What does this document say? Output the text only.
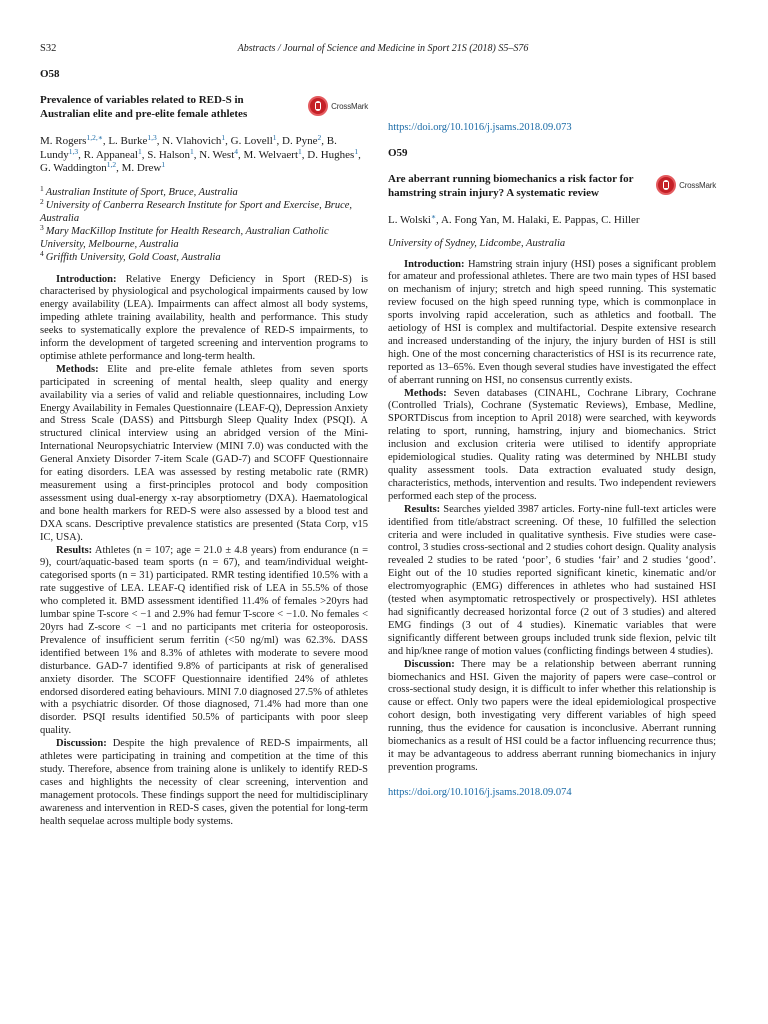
S32	Abstracts / Journal of Science and Medicine in Sport 21S (2018) S5–S76
O58
Prevalence of variables related to RED-S in Australian elite and pre-elite female athletes
CrossMark
M. Rogers$^{1,2,∗}$, L. Burke$^{1,3}$, N. Vlahovich$^1$, G. Lovell$^1$, D. Pyne$^2$, B. Lundy$^{1,3}$, R. Appaneal$^1$, S. Halson$^1$, N. West$^4$, M. Welvaert$^1$, D. Hughes$^1$, G. Waddington$^{1,2}$, M. Drew$^1$
$^1$ Australian Institute of Sport, Bruce, Australia
$^2$ University of Canberra Research Institute for Sport and Exercise, Bruce, Australia
$^3$ Mary MacKillop Institute for Health Research, Australian Catholic University, Melbourne, Australia
$^4$ Griffith University, Gold Coast, Australia

Introduction: Relative Energy Deficiency in Sport (RED-S) is characterised by physiological and psychological impairments caused by low energy availability (LEA). Impairments can affect almost all body systems, impeding athlete training availability, health and performance. This study seeks to systematically explore the prevalence of RED-S impairments, to inform the development of targeted screening and intervention programs to optimise athlete performance and long-term health.

Methods: Elite and pre-elite female athletes from seven sports participated in screening of mental health, sleep quality and energy availability via a series of valid and reliable questionnaires, including Low Energy Availability in Females Questionnaire (LEAF-Q), Depression Anxiety and Stress Scale (DASS) and Pittsburgh Sleep Quality Index (PSQI). A structured clinical interview using an abridged version of the Mini-International Neuropsychiatric Interview (MINI 7.0) was conducted with the General Anxiety Disorder 7-item Scale (GAD-7) and SCOFF Questionnaire for eating disorders. LEA was assessed by resting metabolic rate (RMR) measurement using a first-principles protocol and body composition assessment using dual-energy x-ray absorptiometry (DXA). Haematological and bone health markers for RED-S were also assessed by a blood test and DXA scans. Descriptive prevalence statistics are presented (Stata Corp, v15 IC, USA).

Results: Athletes (n = 107; age = 21.0 ± 4.8 years) from endurance (n = 9), court/aquatic-based team sports (n = 67), and team/individual weight-categorised sports (n = 31) participated. RMR testing identified 10.5% with a rate suggestive of LEA. LEAF-Q identified risk of LEA in 55.5% of those who completed it. BMD assessment identified 11.4% of females >20yrs had lumbar spine T-score < −1 and 2.9% had femur T-score < −1.0. No females < 20yrs had Z-score < −1 and no participants met criteria for osteoporosis. Prevalence of insufficient serum ferritin (<50 ng/ml) was 62.3%. DASS identified between 1% and 8.3% of athletes with moderate to severe mood disturbance. GAD-7 identified 9.8% of participants at risk of generalised anxiety disorder. The SCOFF Questionnaire identified 24% of athletes endorsed disordered eating behaviours. MINI 7.0 diagnosed 27.5% of athletes with a psychiatric disorder. Of those diagnosed, 71.4% had more than one disorder. PSQI results identified 50.5% of participants with poor sleep quality.

Discussion: Despite the high prevalence of RED-S impairments, all athletes were participating in training and competition at the time of this study. Therefore, absence from training alone is unlikely to identify RED-S cases and highlights the necessity of clear screening, intervention and management protocols. These findings support the need for multidisciplinary awareness and intervention in RED-S cases, given the potential for long-term health sequelae across multiple body systems.

https://doi.org/10.1016/j.jsams.2018.09.073
O59
Are aberrant running biomechanics a risk factor for hamstring strain injury? A systematic review
CrossMark
L. Wolski∗, A. Fong Yan, M. Halaki, E. Pappas, C. Hiller
University of Sydney, Lidcombe, Australia

Introduction: Hamstring strain injury (HSI) poses a significant problem for amateur and professional athletes. There are two main types of HSI based on mechanism of injury; stretch and high speed running. This systematic review focused on the high speed running type, which is commonplace in sports involving rapid acceleration, such as athletics and football. The aetiology of HSI is complex and multifactorial. Despite extensive research and increased understanding of the injury, the injury burden of HSI is still high. One of the most concerning characteristics of HSI is its recurrence rate, reported as 13–65%. Even though several studies have investigated the effect of aberrant running on HSI, no consensus currently exists.

Methods: Seven databases (CINAHL, Cochrane Library, Cochrane (Controlled Trials), Cochrane (Systematic Reviews), Embase, Medline, SPORTDiscus from inception to April 2018) were searched, with keywords relating to sport, running, hamstring, injury and biomechanics. Strict inclusion and exclusion criteria were utilised to identify appropriate epidemiological studies. Quality rating was determined by NHLBI study quality assessment tools. Data extraction evaluated study design, characteristics, methods, intervention and results. Two independent reviewers performed each step of the process.

Results: Searches yielded 3987 articles. Forty-nine full-text articles were identified from title/abstract screening. Of these, 10 fulfilled the selection criteria and were included in qualitative synthesis. Five studies were case-control, 3 studies cross-sectional and 2 studies cohort design. Quality analysis revealed 2 studies to be rated ‘poor’, 6 studies ‘fair’ and 2 studies ‘good’. Eight out of the 10 studies reported significant kinetic, kinematic and/or electromyographic (EMG) differences in athletes who had sustained HSI (tested when asymptomatic retrospectively or prospectively). HSI athletes had significantly decreased horizontal force (2 out of 3 studies) and altered EMG findings (3 out of 4 studies). Kinematic variables that were significantly different between groups included trunk side flexion, pelvic tilt and hip/knee range of motion values (conflicting findings between 4 studies).

Discussion: There may be a relationship between aberrant running biomechanics and HSI. Given the majority of papers were case–control or cross-sectional study design, it is difficult to infer whether this relationship is cause or effect. Only two papers were the ideal epidemiological prospective cohort design, both investigating very different variables of high speed running, thus the evidence for causation is inconclusive. Aberrant running biomechanics as a result of HSI could be a factor influencing recurrence thus; it may be advantageous to address aberrant running biomechanics in injury prevention programs.

https://doi.org/10.1016/j.jsams.2018.09.074
